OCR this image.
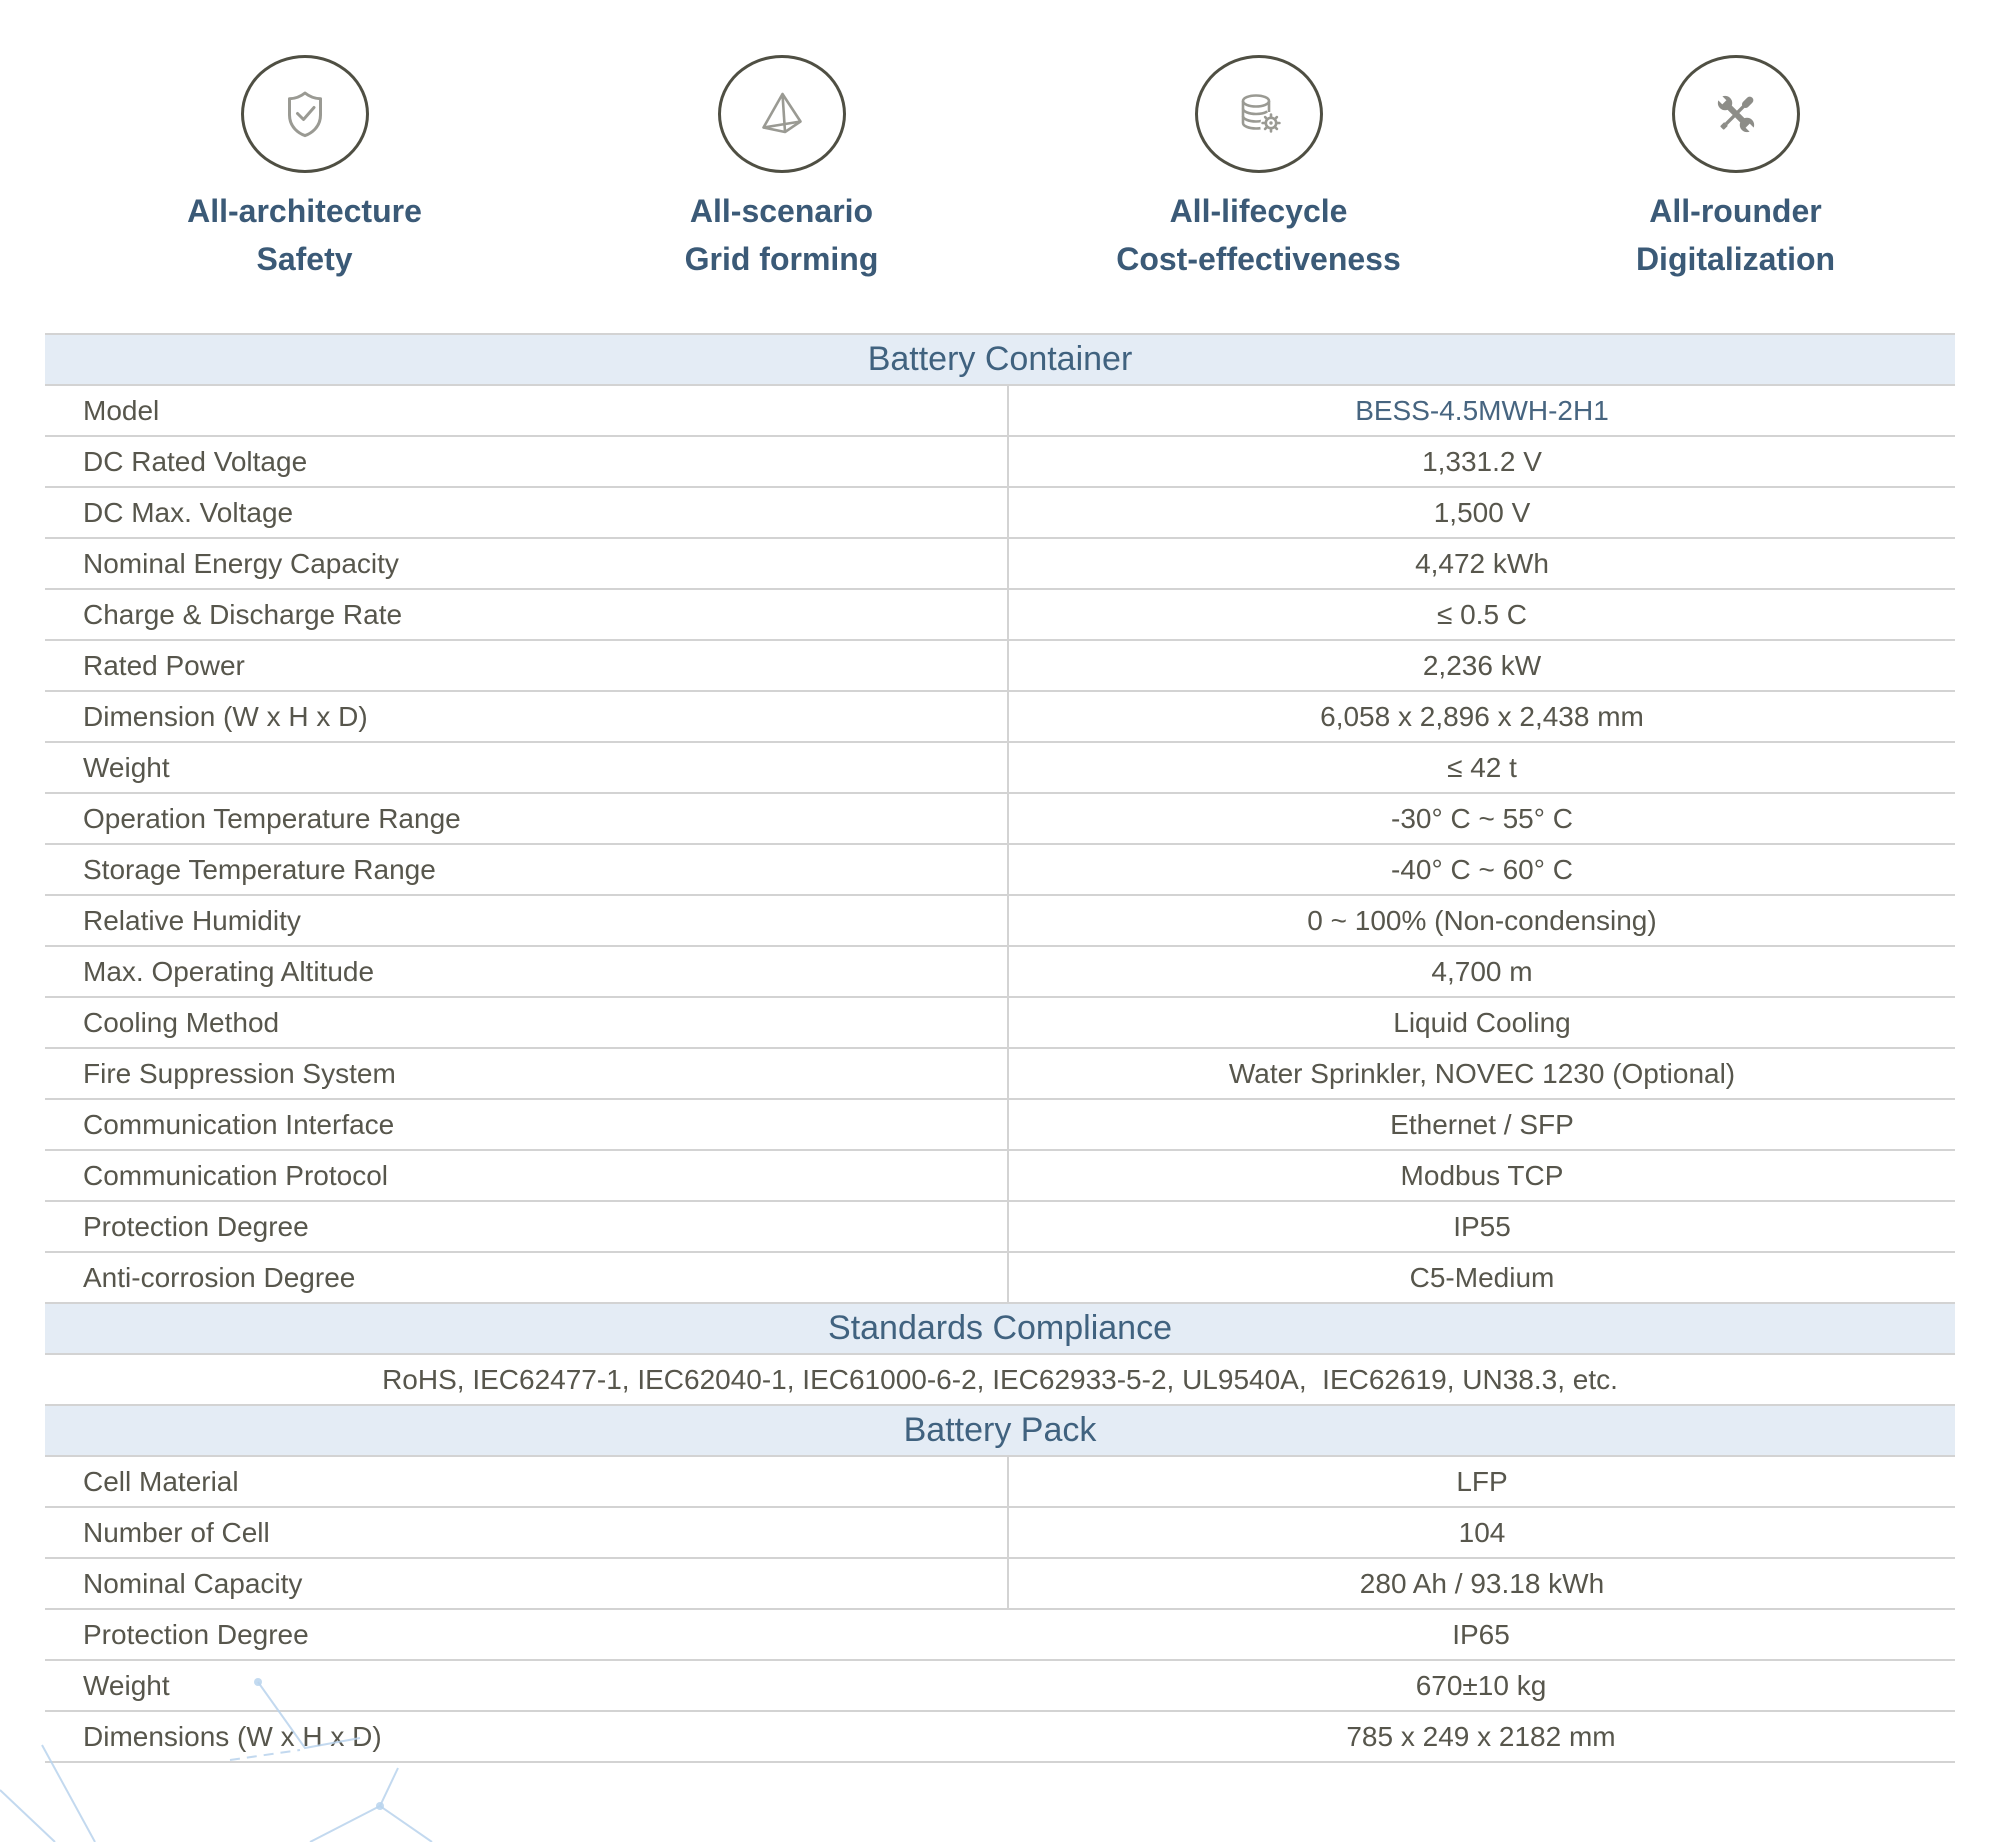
All-architecture
Safety
All-scenario
Grid forming
All-lifecycle
Cost-effectiveness
All-rounder
Digitalization
Battery Container
Model	BESS-4.5MWH-2H1
DC Rated Voltage	1,331.2 V
DC Max. Voltage	1,500 V
Nominal Energy Capacity	4,472 kWh
Charge & Discharge Rate	≤ 0.5 C
Rated Power	2,236 kW
Dimension (W x H x D)	6,058 x 2,896 x 2,438 mm
Weight	≤ 42 t
Operation Temperature Range	-30° C ~ 55° C
Storage Temperature Range	-40° C ~ 60° C
Relative Humidity	0 ~ 100% (Non-condensing)
Max. Operating Altitude	4,700 m
Cooling Method	Liquid Cooling
Fire Suppression System	Water Sprinkler, NOVEC 1230 (Optional)
Communication Interface	Ethernet / SFP
Communication Protocol	Modbus TCP
Protection Degree	IP55
Anti-corrosion Degree	C5-Medium
Standards Compliance
RoHS, IEC62477-1, IEC62040-1, IEC61000-6-2, IEC62933-5-2, UL9540A,  IEC62619, UN38.3, etc.
Battery Pack
Cell Material	LFP
Number of Cell	104
Nominal Capacity	280 Ah / 93.18 kWh
Protection Degree	IP65
Weight	670±10 kg
Dimensions (W x H x D)	785 x 249 x 2182 mm
